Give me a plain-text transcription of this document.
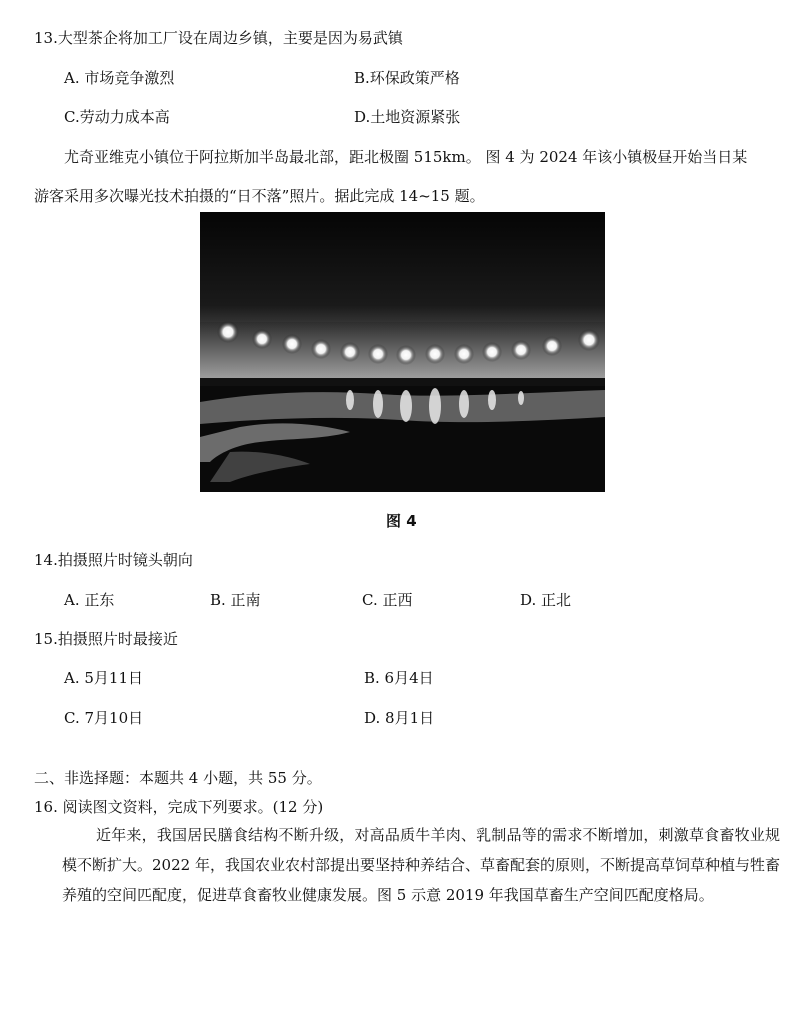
13.大型茶企将加工厂设在周边乡镇，主要是因为易武镇
A. 市场竞争激烈	B.环保政策严格
C.劳动力成本高	D.土地资源紧张
尤奇亚维克小镇位于阿拉斯加半岛最北部，距北极圈 515km。 图 4 为 2024 年该小镇极昼开始当日某
游客采用多次曝光技术拍摄的“日不落”照片。据此完成 14~15 题。
图 4
14.拍摄照片时镜头朝向
A. 正东	B. 正南	C. 正西	D. 正北
15.拍摄照片时最接近
A. 5月11日	B. 6月4日
C. 7月10日	D. 8月1日
二、非选择题：本题共 4 小题，共 55 分。
16. 阅读图文资料，完成下列要求。(12 分)
近年来，我国居民膳食结构不断升级，对高品质牛羊肉、乳制品等的需求不断增加，刺激草食畜牧业规模不断扩大。2022 年，我国农业农村部提出要坚持种养结合、草畜配套的原则，不断提高草饲草种植与牲畜养殖的空间匹配度，促进草食畜牧业健康发展。图 5 示意 2019 年我国草畜生产空间匹配度格局。
